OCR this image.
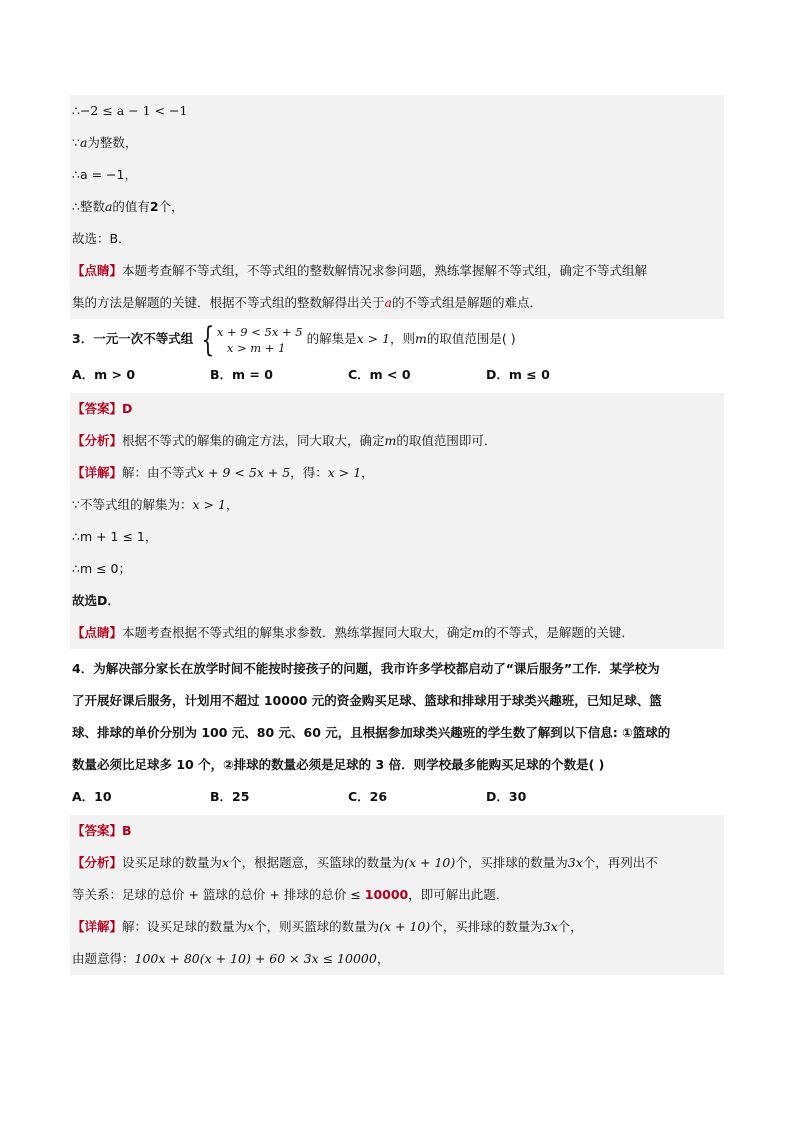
∴−2 ≤ a − 1 < −1
∵a为整数，
∴a = −1，
∴整数a的值有2个，
故选：B．
【点睛】本题考查解不等式组，不等式组的整数解情况求参问题，熟练掌握解不等式组，确定不等式组解
集的方法是解题的关键．根据不等式组的整数解得出关于a的不等式组是解题的难点．
3．一元一次不等式组 { x + 9 < 5x + 5
x > m + 1
的解集是x > 1，则m的取值范围是( )
A．m > 0	B．m = 0	C．m < 0	D．m ≤ 0
【答案】D
【分析】根据不等式的解集的确定方法，同大取大，确定m的取值范围即可．
【详解】解：由不等式x + 9 < 5x + 5，得：x > 1，
∵不等式组的解集为：x > 1，
∴m + 1 ≤ 1，
∴m ≤ 0；
故选D．
【点睛】本题考查根据不等式组的解集求参数．熟练掌握同大取大，确定m的不等式，是解题的关键．
4．为解决部分家长在放学时间不能按时接孩子的问题，我市许多学校都启动了“课后服务”工作．某学校为
了开展好课后服务，计划用不超过 10000 元的资金购买足球、篮球和排球用于球类兴趣班，已知足球、篮
球、排球的单价分别为 100 元、80 元、60 元，且根据参加球类兴趣班的学生数了解到以下信息: ①篮球的
数量必须比足球多 10 个，②排球的数量必须是足球的 3 倍．则学校最多能购买足球的个数是( )
A．10	B．25	C．26	D．30
【答案】B
【分析】设买足球的数量为x个，根据题意，买篮球的数量为(x + 10)个，买排球的数量为3x个，再列出不
等关系：足球的总价 + 篮球的总价 + 排球的总价 ≤ 10000，即可解出此题．
【详解】解：设买足球的数量为x个，则买篮球的数量为(x + 10)个，买排球的数量为3x个，
由题意得：100x + 80(x + 10) + 60 × 3x ≤ 10000，
